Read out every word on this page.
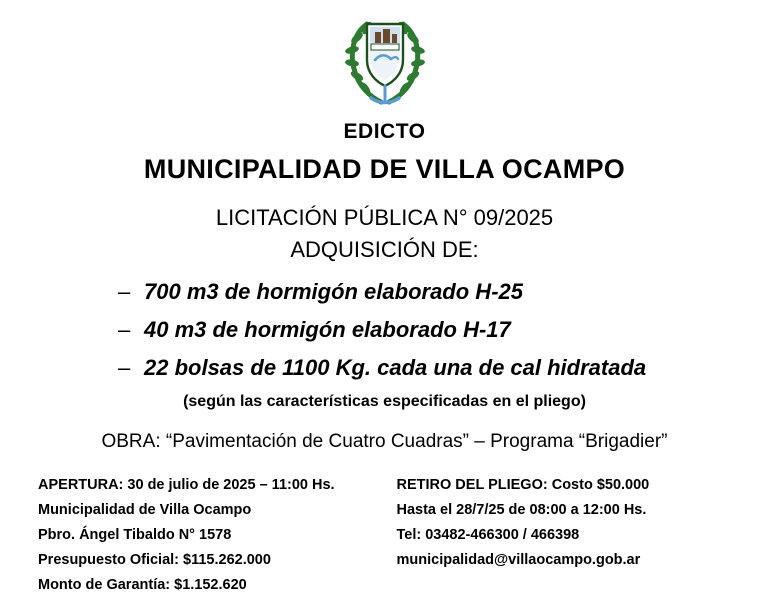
EDICTO
MUNICIPALIDAD DE VILLA OCAMPO
LICITACIÓN PÚBLICA N° 09/2025
ADQUISICIÓN DE:
– 700 m3 de hormigón elaborado H-25
– 40 m3 de hormigón elaborado H-17
– 22 bolsas de 1100 Kg. cada una de cal hidratada
(según las características especificadas en el pliego)
OBRA: “Pavimentación de Cuatro Cuadras” – Programa “Brigadier”
APERTURA: 30 de julio de 2025 – 11:00 Hs.
Municipalidad de Villa Ocampo
Pbro. Ángel Tibaldo N° 1578
Presupuesto Oficial: $115.262.000
Monto de Garantía: $1.152.620
RETIRO DEL PLIEGO: Costo $50.000
Hasta el 28/7/25 de 08:00 a 12:00 Hs.
Tel: 03482-466300 / 466398
municipalidad@villaocampo.gob.ar
